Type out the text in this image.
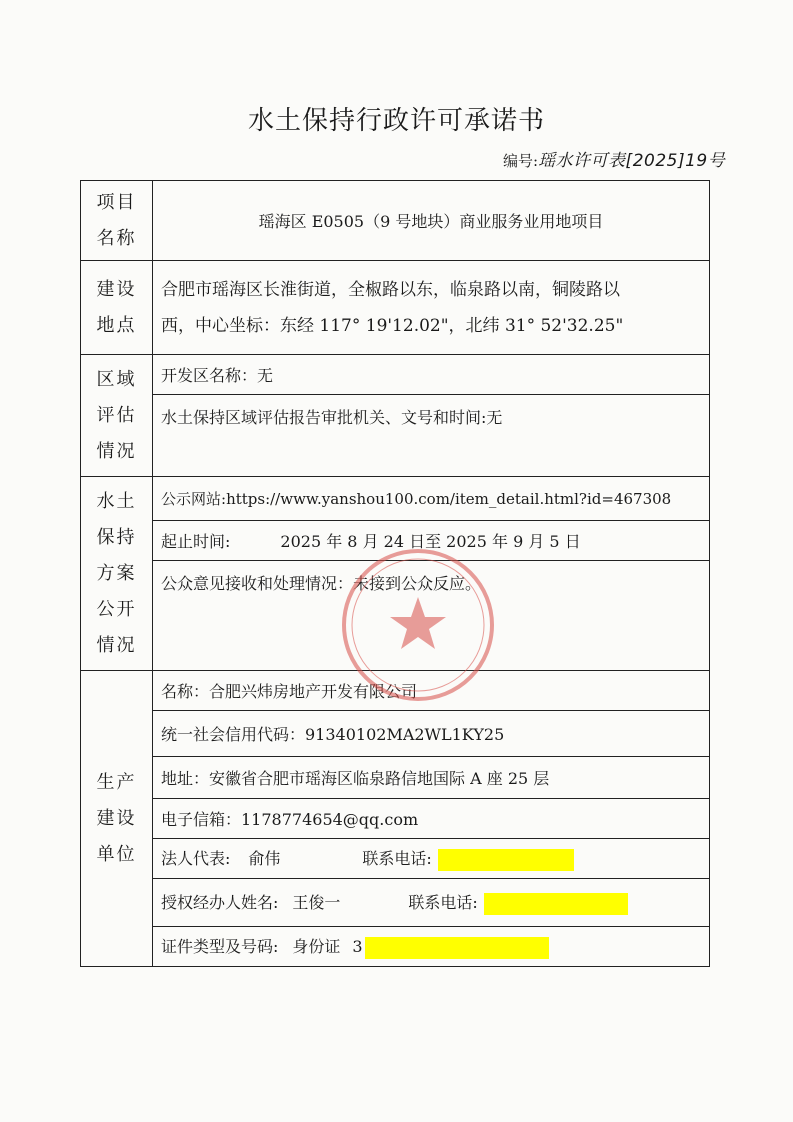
水土保持行政许可承诺书
编号:瑶水许可表[2025]19号
项目
名称	瑶海区 E0505（9 号地块）商业服务业用地项目

建设
地点	合肥市瑶海区长淮街道，全椒路以东，临泉路以南，铜陵路以
西，中心坐标：东经 117° 19'12.02"，北纬 31° 52'32.25"

区域
评估
情况	开发区名称：无
	水土保持区域评估报告审批机关、文号和时间:无

水土
保持
方案
公开
情况	公示网站:https://www.yanshou100.com/item_detail.html?id=467308
	起止时间: 2025 年 8 月 24 日至 2025 年 9 月 5 日
	公众意见接收和处理情况：未接到公众反应。

生产
建设
单位	名称：合肥兴炜房地产开发有限公司
	统一社会信用代码：91340102MA2WL1KY25
	地址：安徽省合肥市瑶海区临泉路信地国际 A 座 25 层
	电子信箱：1178774654@qq.com
	法人代表: 俞伟 联系电话:
	授权经办人姓名: 王俊一 联系电话:
	证件类型及号码: 身份证 3
